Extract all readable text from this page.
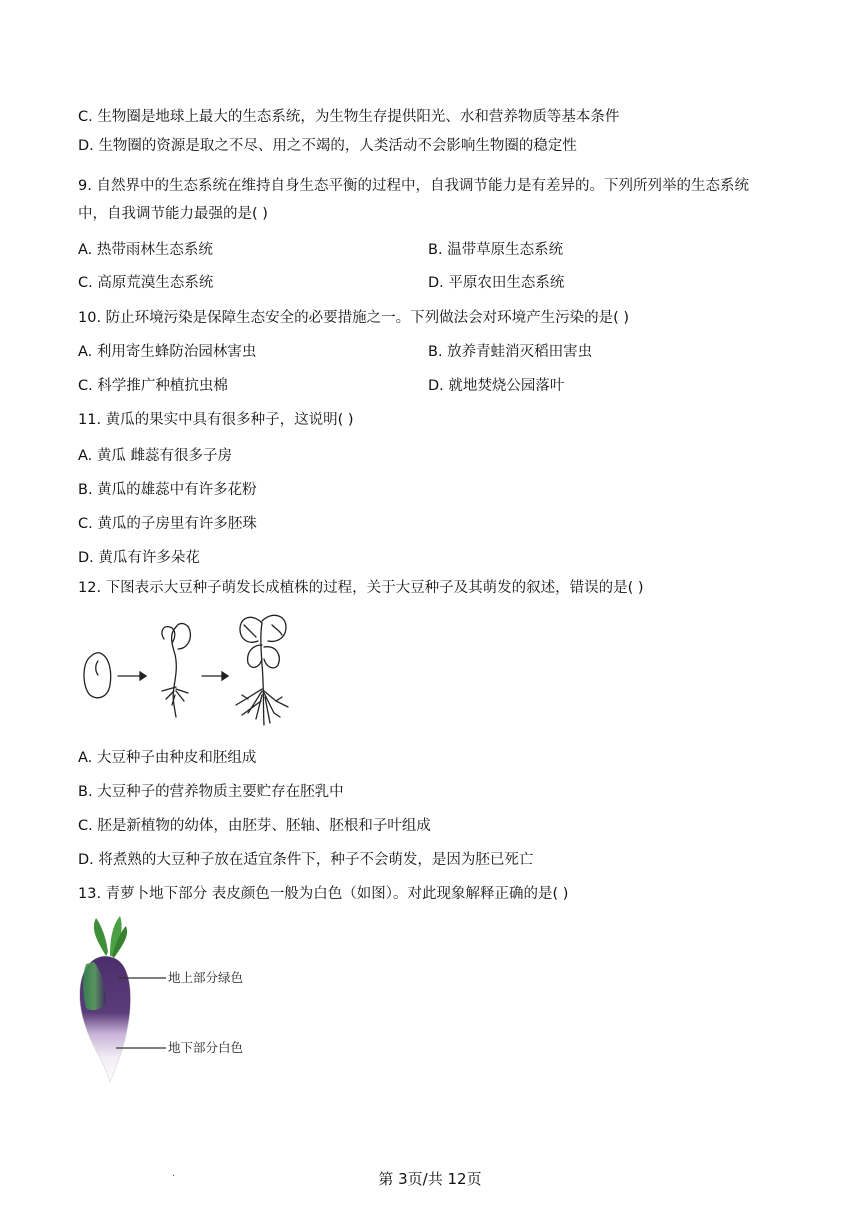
C. 生物圈是地球上最大的生态系统，为生物生存提供阳光、水和营养物质等基本条件
D. 生物圈的资源是取之不尽、用之不竭的，人类活动不会影响生物圈的稳定性
9. 自然界中的生态系统在维持自身生态平衡的过程中，自我调节能力是有差异的。下列所列举的生态系统
中，自我调节能力最强的是( )
A. 热带雨林生态系统	B. 温带草原生态系统
C. 高原荒漠生态系统	D. 平原农田生态系统
10. 防止环境污染是保障生态安全的必要措施之一。下列做法会对环境产生污染的是( )
A. 利用寄生蜂防治园林害虫	B. 放养青蛙消灭稻田害虫
C. 科学推广种植抗虫棉	D. 就地焚烧公园落叶
11. 黄瓜的果实中具有很多种子，这说明( )
A. 黄瓜 雌蕊有很多子房
B. 黄瓜的雄蕊中有许多花粉
C. 黄瓜的子房里有许多胚珠
D. 黄瓜有许多朵花
12. 下图表示大豆种子萌发长成植株的过程，关于大豆种子及其萌发的叙述，错误的是( )
A. 大豆种子由种皮和胚组成
B. 大豆种子的营养物质主要贮存在胚乳中
C. 胚是新植物的幼体，由胚芽、胚轴、胚根和子叶组成
D. 将煮熟的大豆种子放在适宜条件下，种子不会萌发，是因为胚已死亡
13. 青萝卜地下部分 表皮颜色一般为白色（如图）。对此现象解释正确的是( )
地上部分绿色
地下部分白色
.	第 3页/共 12页
